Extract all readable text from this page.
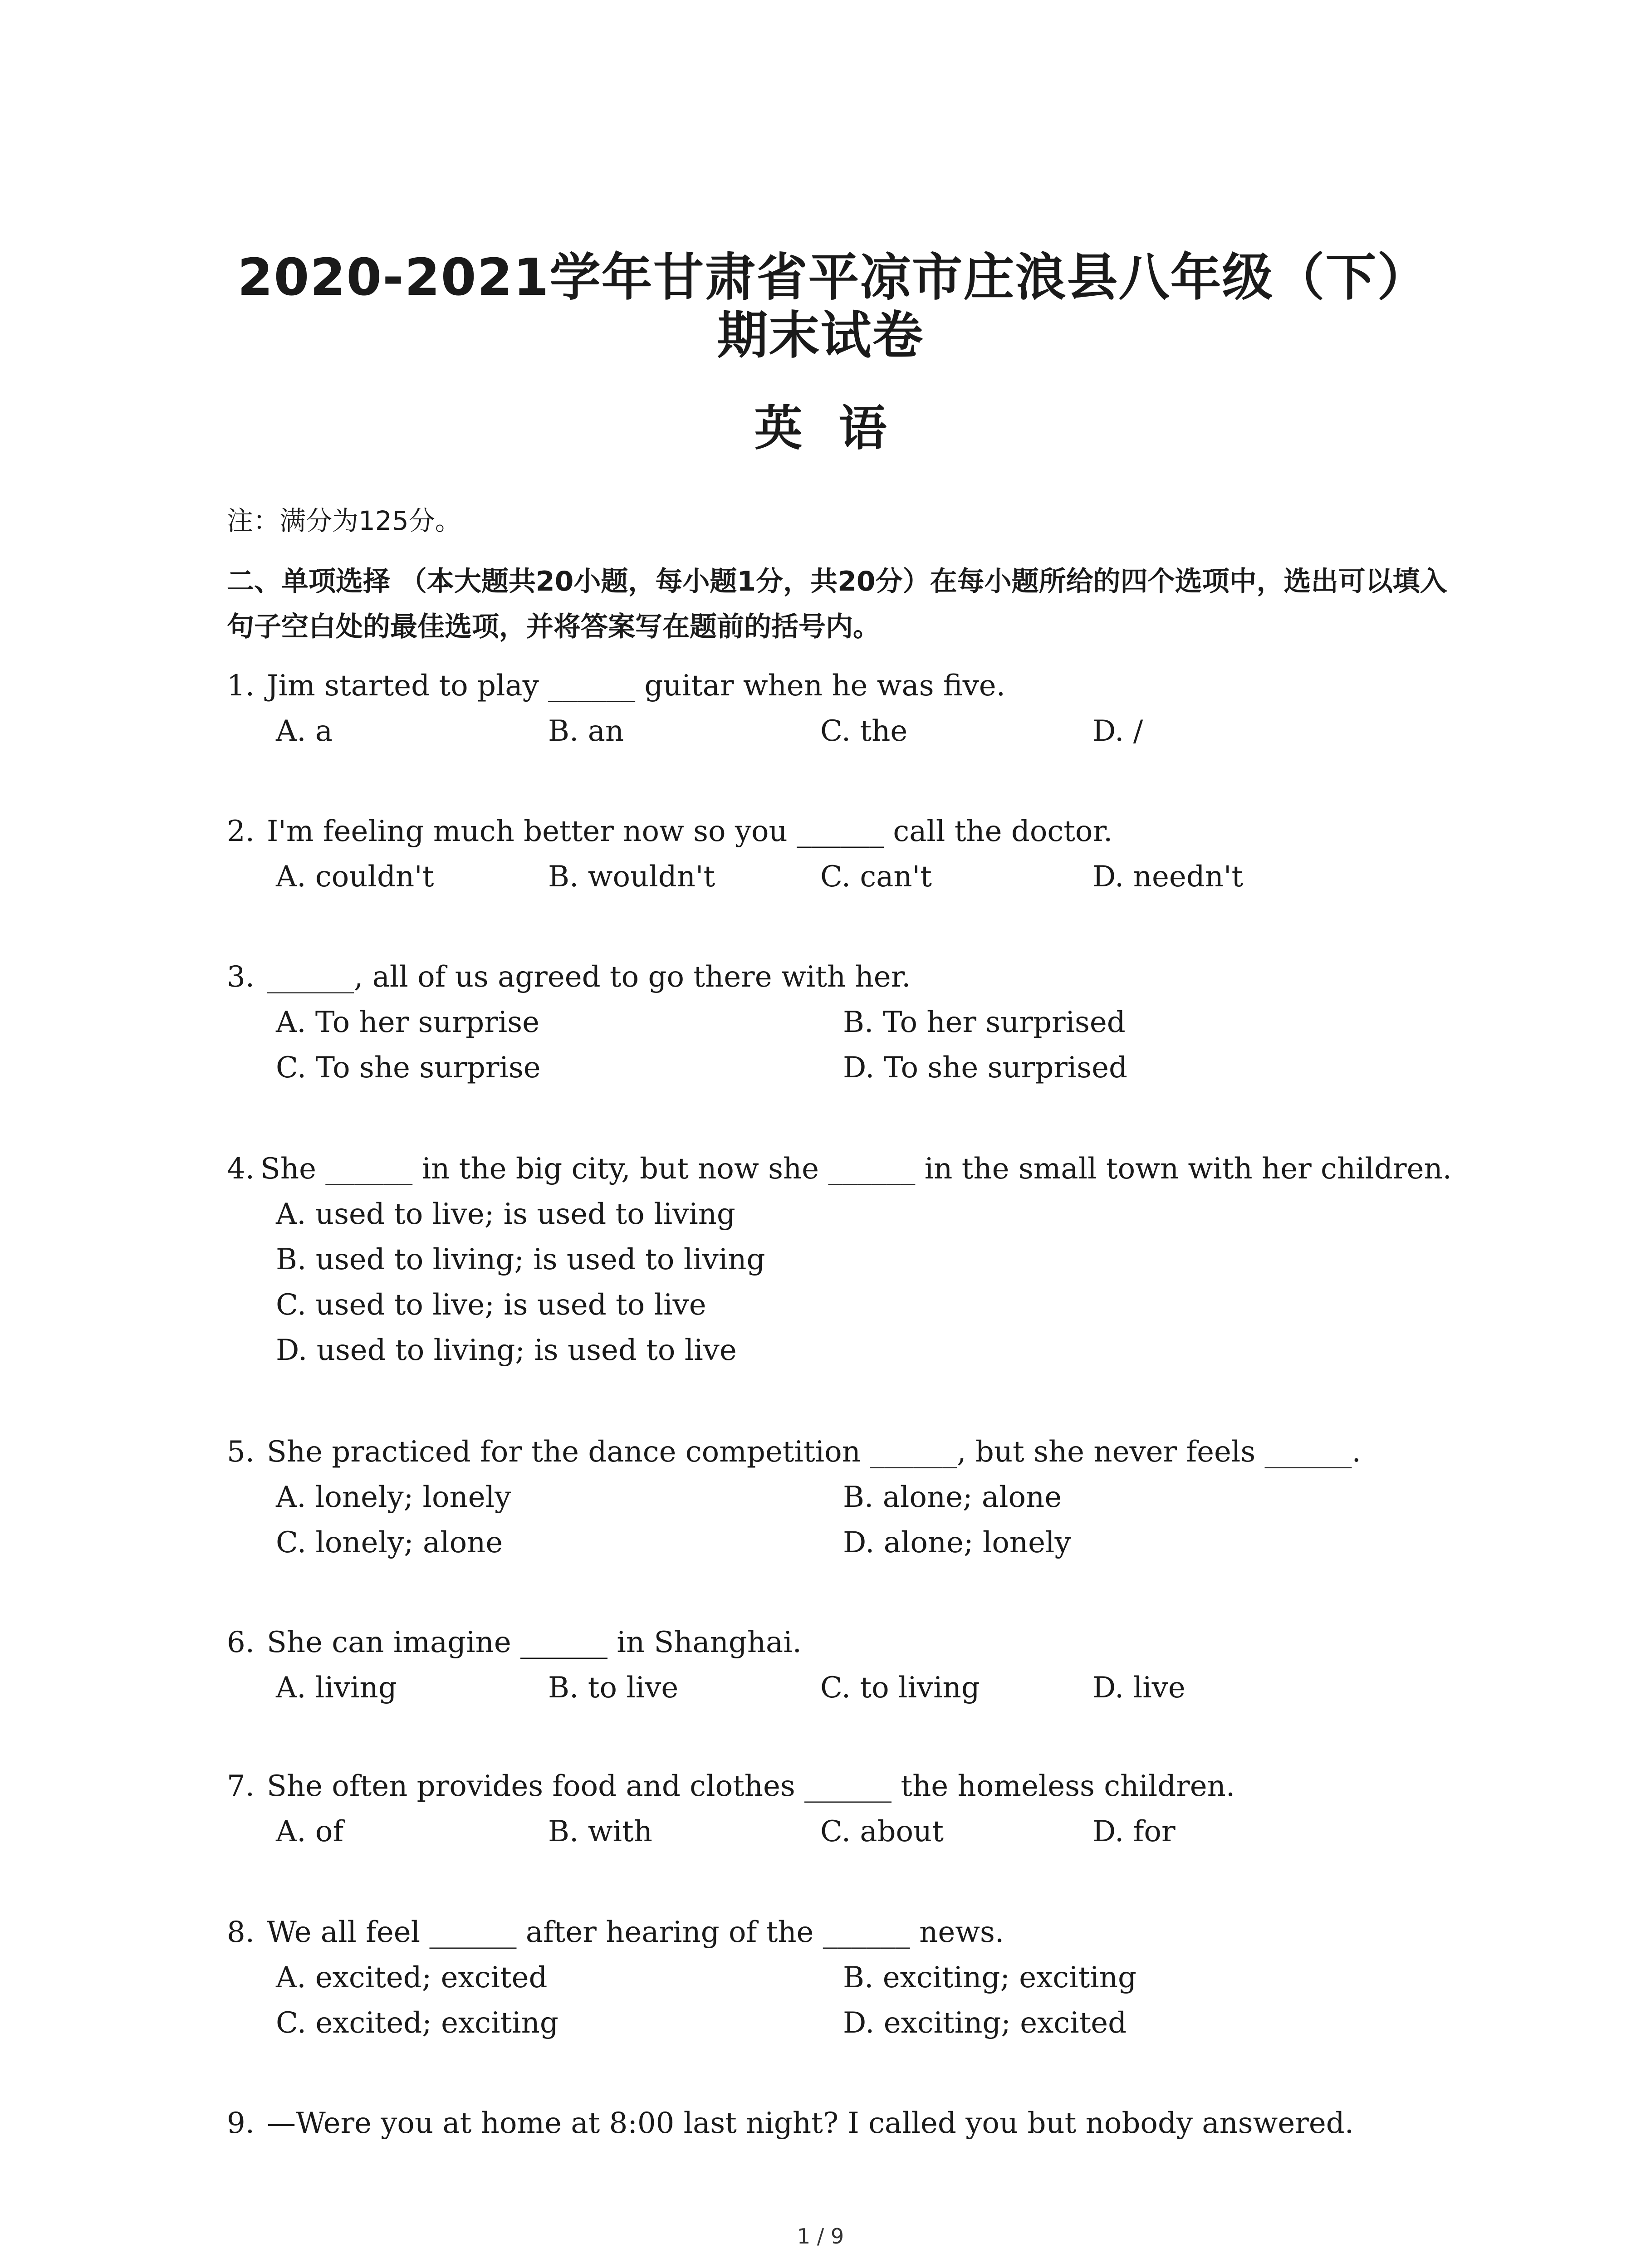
2020-2021学年甘肃省平凉市庄浪县八年级（下）期末试卷
英语
注：满分为125分。
二、单项选择 （本大题共20小题，每小题1分，共20分）在每小题所给的四个选项中，选出可以填入句子空白处的最佳选项，并将答案写在题前的括号内。
1. Jim started to play ______ guitar when he was five.
A. a	B. an	C. the	D. /
2. I'm feeling much better now so you ______ call the doctor.
A. couldn't	B. wouldn't	C. can't	D. needn't
3. ______, all of us agreed to go there with her.
A. To her surprise	B. To her surprised
C. To she surprise	D. To she surprised
4. She ______ in the big city, but now she ______ in the small town with her children.
A. used to live; is used to living
B. used to living; is used to living
C. used to live; is used to live
D. used to living; is used to live
5. She practiced for the dance competition ______, but she never feels ______.
A. lonely; lonely	B. alone; alone
C. lonely; alone	D. alone; lonely
6. She can imagine ______ in Shanghai.
A. living	B. to live	C. to living	D. live
7. She often provides food and clothes ______ the homeless children.
A. of	B. with	C. about	D. for
8. We all feel ______ after hearing of the ______ news.
A. excited; excited	B. exciting; exciting
C. excited; exciting	D. exciting; excited
9. —Were you at home at 8:00 last night? I called you but nobody answered.
1 / 9
